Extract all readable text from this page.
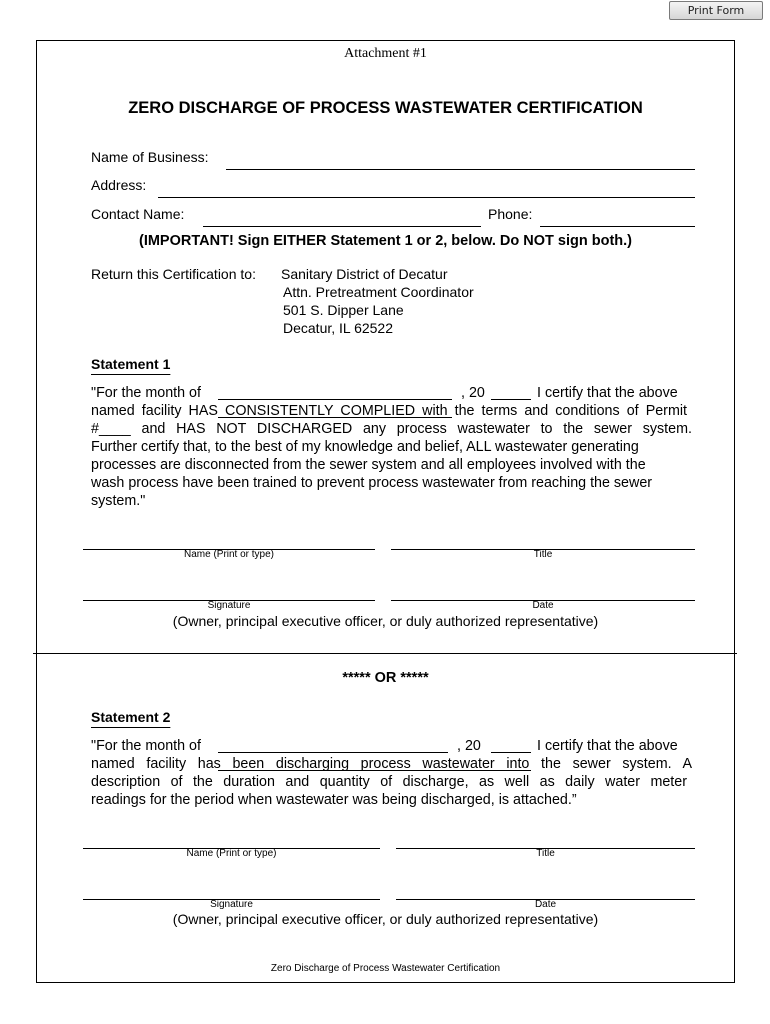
Print Form
Attachment #1
ZERO DISCHARGE OF PROCESS WASTEWATER CERTIFICATION
Name of Business:
Address:
Contact Name:	Phone:
(IMPORTANT! Sign EITHER Statement 1 or 2, below. Do NOT sign both.)
Return this Certification to: Sanitary District of Decatur
Attn. Pretreatment Coordinator
501 S. Dipper Lane
Decatur, IL 62522
Statement 1
"For the month of	, 20	I certify that the above
named facility HAS CONSISTENTLY COMPLIED with the terms and conditions of Permit
#____ and HAS NOT DISCHARGED any process wastewater to the sewer system.
Further certify that, to the best of my knowledge and belief, ALL wastewater generating
processes are disconnected from the sewer system and all employees involved with the
wash process have been trained to prevent process wastewater from reaching the sewer
system."
Name (Print or type)	Title
Signature	Date
(Owner, principal executive officer, or duly authorized representative)
***** OR *****
Statement 2
"For the month of	, 20	I certify that the above
named facility has been discharging process wastewater into the sewer system. A
description of the duration and quantity of discharge, as well as daily water meter
readings for the period when wastewater was being discharged, is attached.”
Name (Print or type)	Title
Signature	Date
(Owner, principal executive officer, or duly authorized representative)
Zero Discharge of Process Wastewater Certification
